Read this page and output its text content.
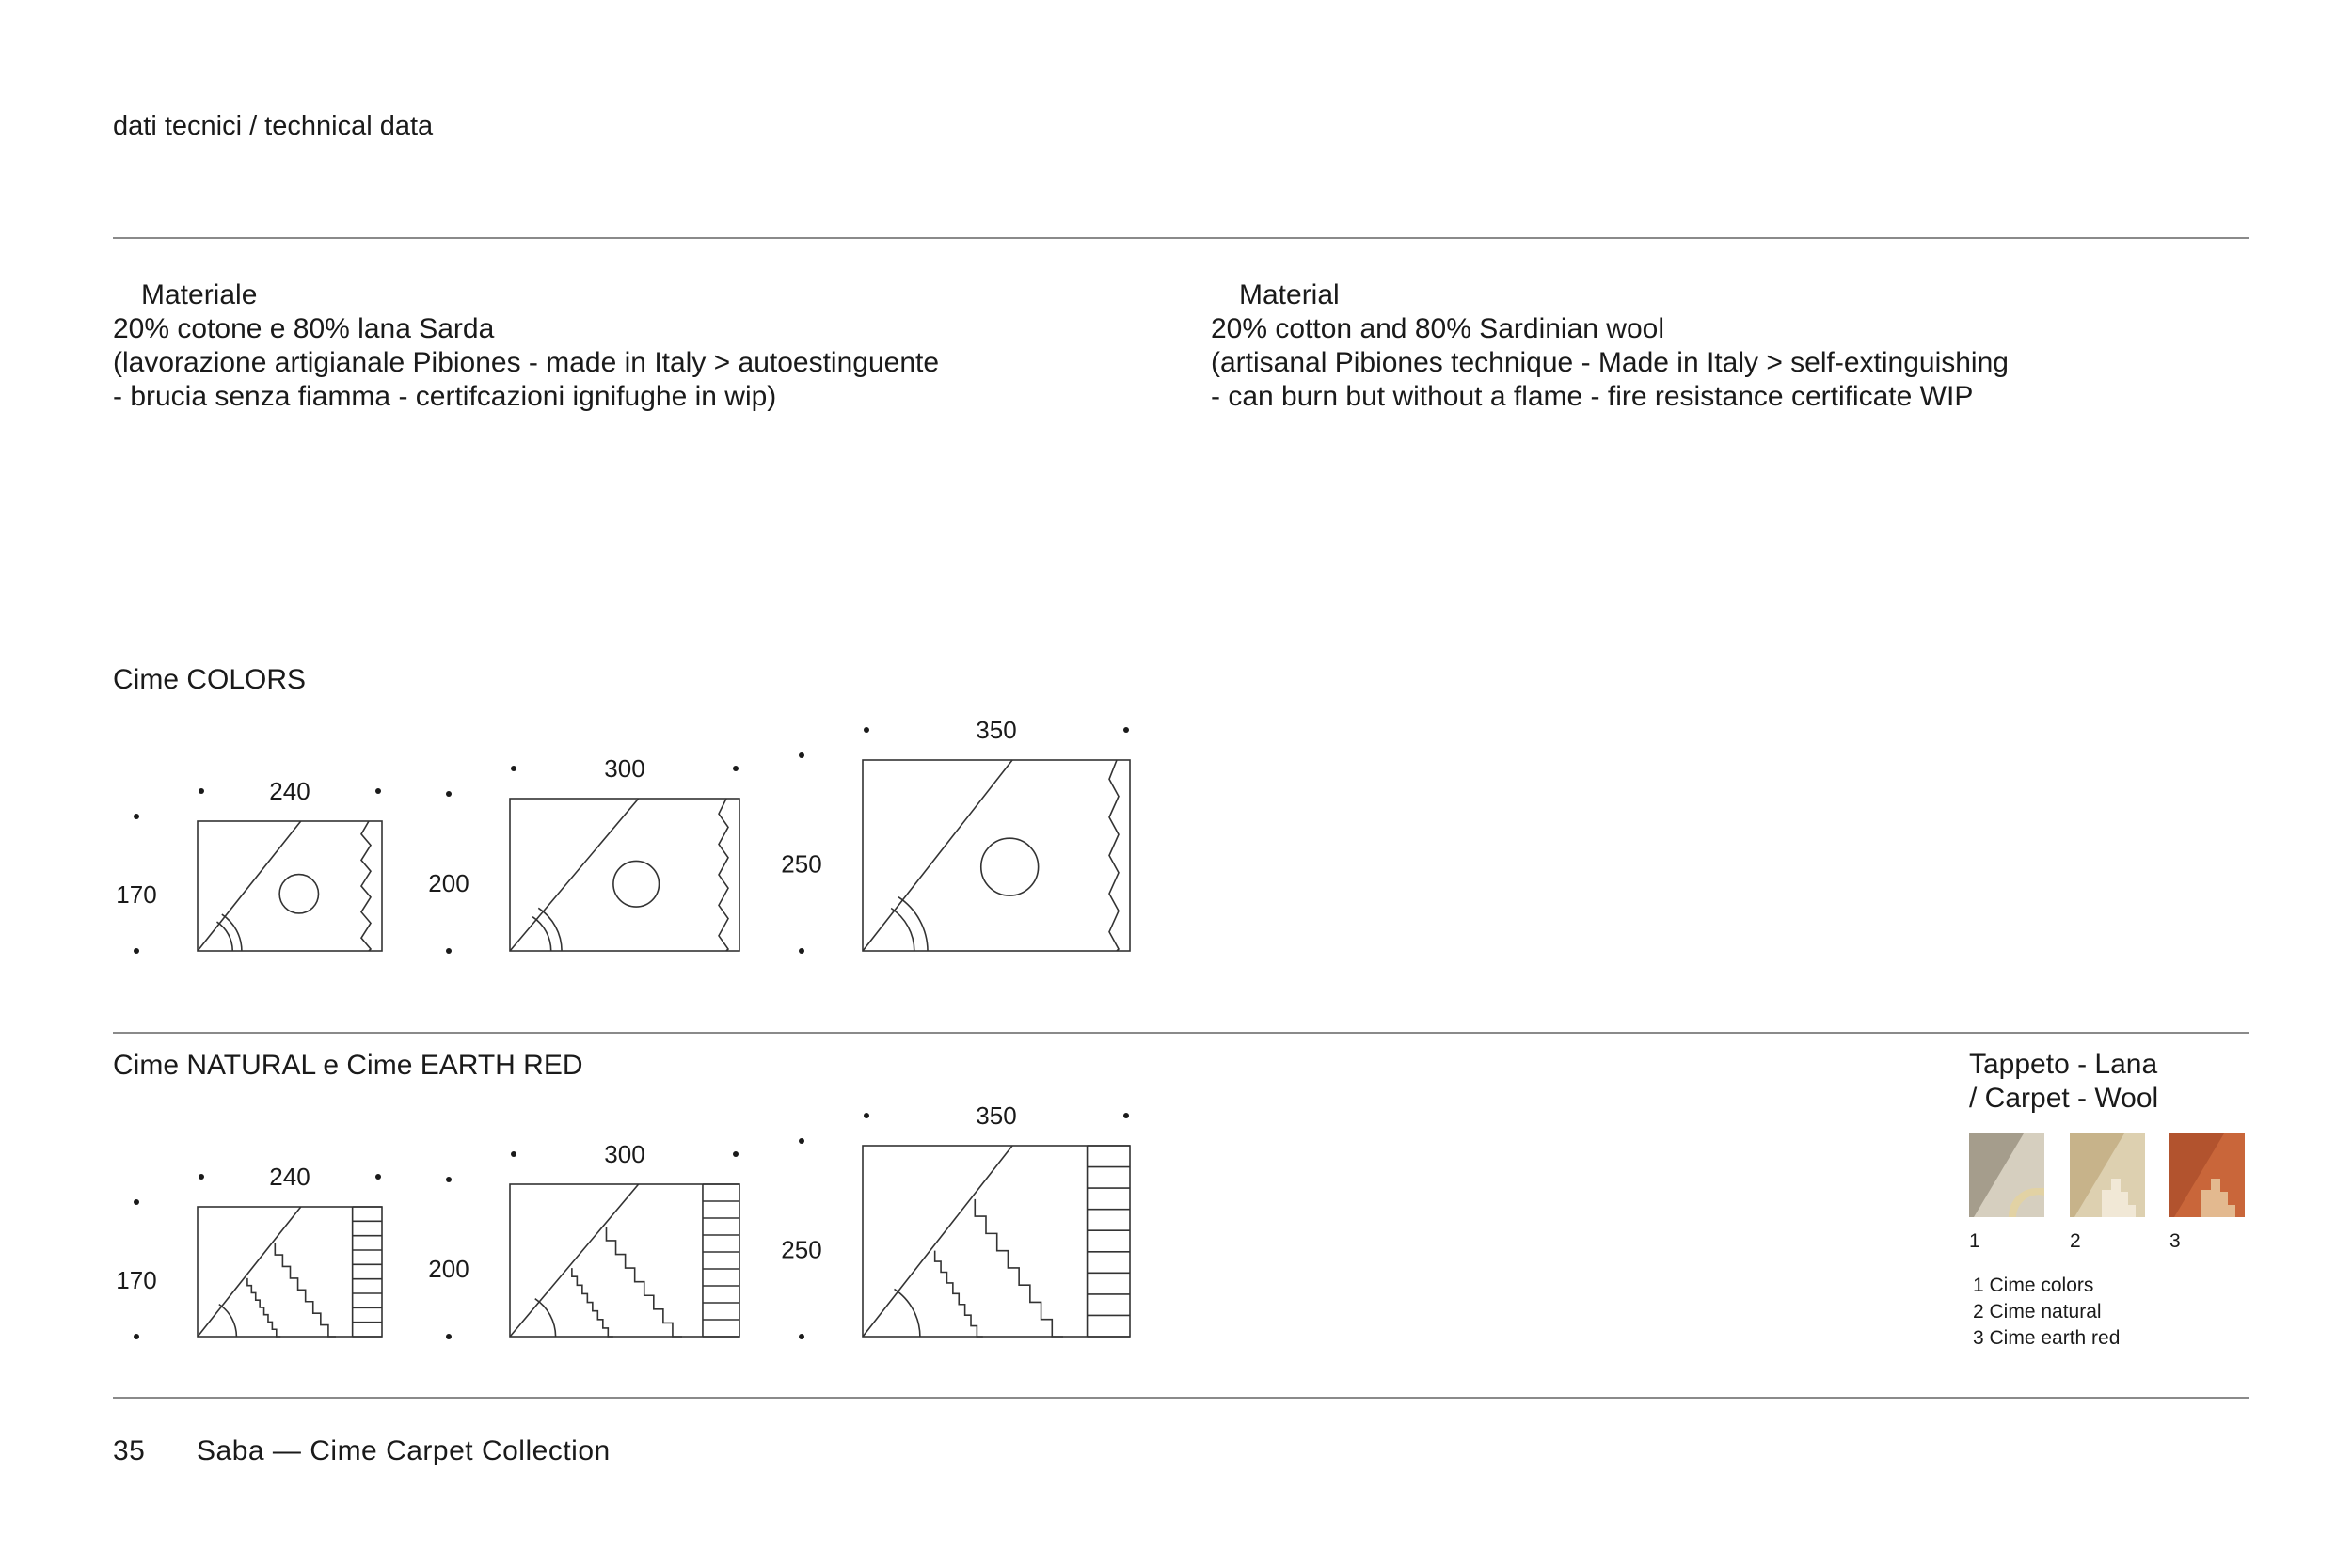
dati tecnici / technical data
Materiale
20% cotone e 80% lana Sarda
(lavorazione artigianale Pibiones - made in Italy > autoestinguente
- brucia senza fiamma - certifcazioni ignifughe in wip)
Material
20% cotton and 80% Sardinian wool
(artisanal Pibiones technique - Made in Italy > self-extinguishing
- can burn but without a flame - fire resistance certificate WIP
Cime COLORS
240
170
300
200
350
250
Cime NATURAL e Cime EARTH RED
240
170
300
200
350
250
Tappeto - Lana
/ Carpet - Wool
1	2	3
1 Cime colors
2 Cime natural
3 Cime earth red
35 Saba — Cime Carpet Collection
